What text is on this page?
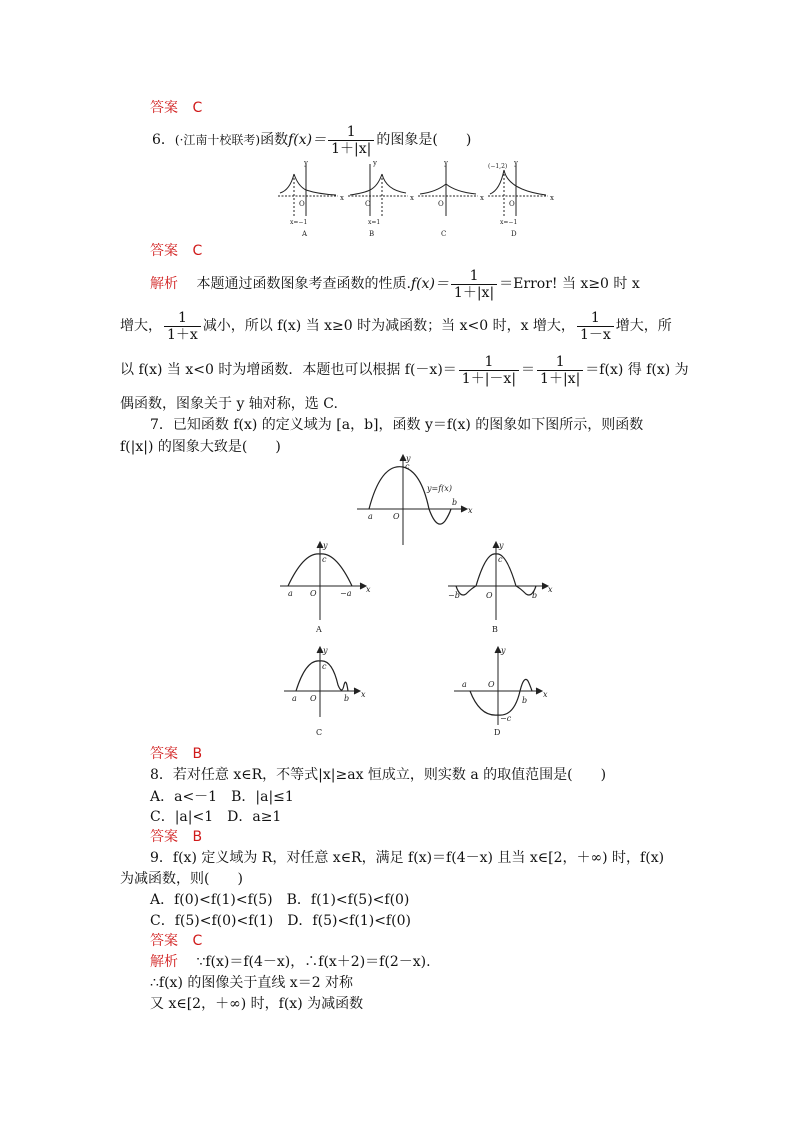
答案 C
6．(·江南十校联考)函数$f(x)= \frac{1}{1+|x|}$ 的图象是(　　)
y
x
O
y
x
O
y
x
O
y
x
O
(−1,2)
x=−1	x=1	x=−1
A	B	C	D
答案 C
解析 本题通过函数图象考查函数的性质$.f(x)= \frac{1}{1+|x|}$ ＝Error! 当 x≥0 时 x
增大， $\frac{1}{1+x}$ 减小，所以 f(x) 当 x≥0 时为减函数；当 x<0 时，x 增大， $\frac{1}{1-x}$ 增大，所
以 f(x) 当 x<0 时为增函数．本题也可以根据 $f(-x)= \frac{1}{1+|-x|} = \frac{1}{1+|x|} =f(x)$ 得 f(x) 为
偶函数，图象关于 y 轴对称，选 C.
7．已知函数 f(x) 的定义域为 [a，b]，函数 y＝f(x) 的图象如下图所示，则函数
f(|x|) 的图象大致是(　　)
y
x
a
b
c
O
y=f(x)
y
x
a O	−a
c
A
y
x
−b	O	b
c
B
y
x
a O	b
c
C
y
x
a	O
b
−c
D
答案 B
8．若对任意 x∈R，不等式|x|≥ax 恒成立，则实数 a 的取值范围是(　　)
A．a<－1　B．|a|≤1
C．|a|<1　D．a≥1
答案 B
9．f(x) 定义域为 R，对任意 x∈R，满足 f(x)＝f(4－x) 且当 x∈[2，＋∞) 时，f(x)
为减函数，则(　　)
A．f(0)<f(1)<f(5)　B．f(1)<f(5)<f(0)
C．f(5)<f(0)<f(1)　D．f(5)<f(1)<f(0)
答案 C
解析 ∵f(x)＝f(4－x)，∴f(x＋2)＝f(2－x).
∴f(x) 的图像关于直线 x＝2 对称
又 x∈[2，＋∞) 时，f(x) 为减函数
